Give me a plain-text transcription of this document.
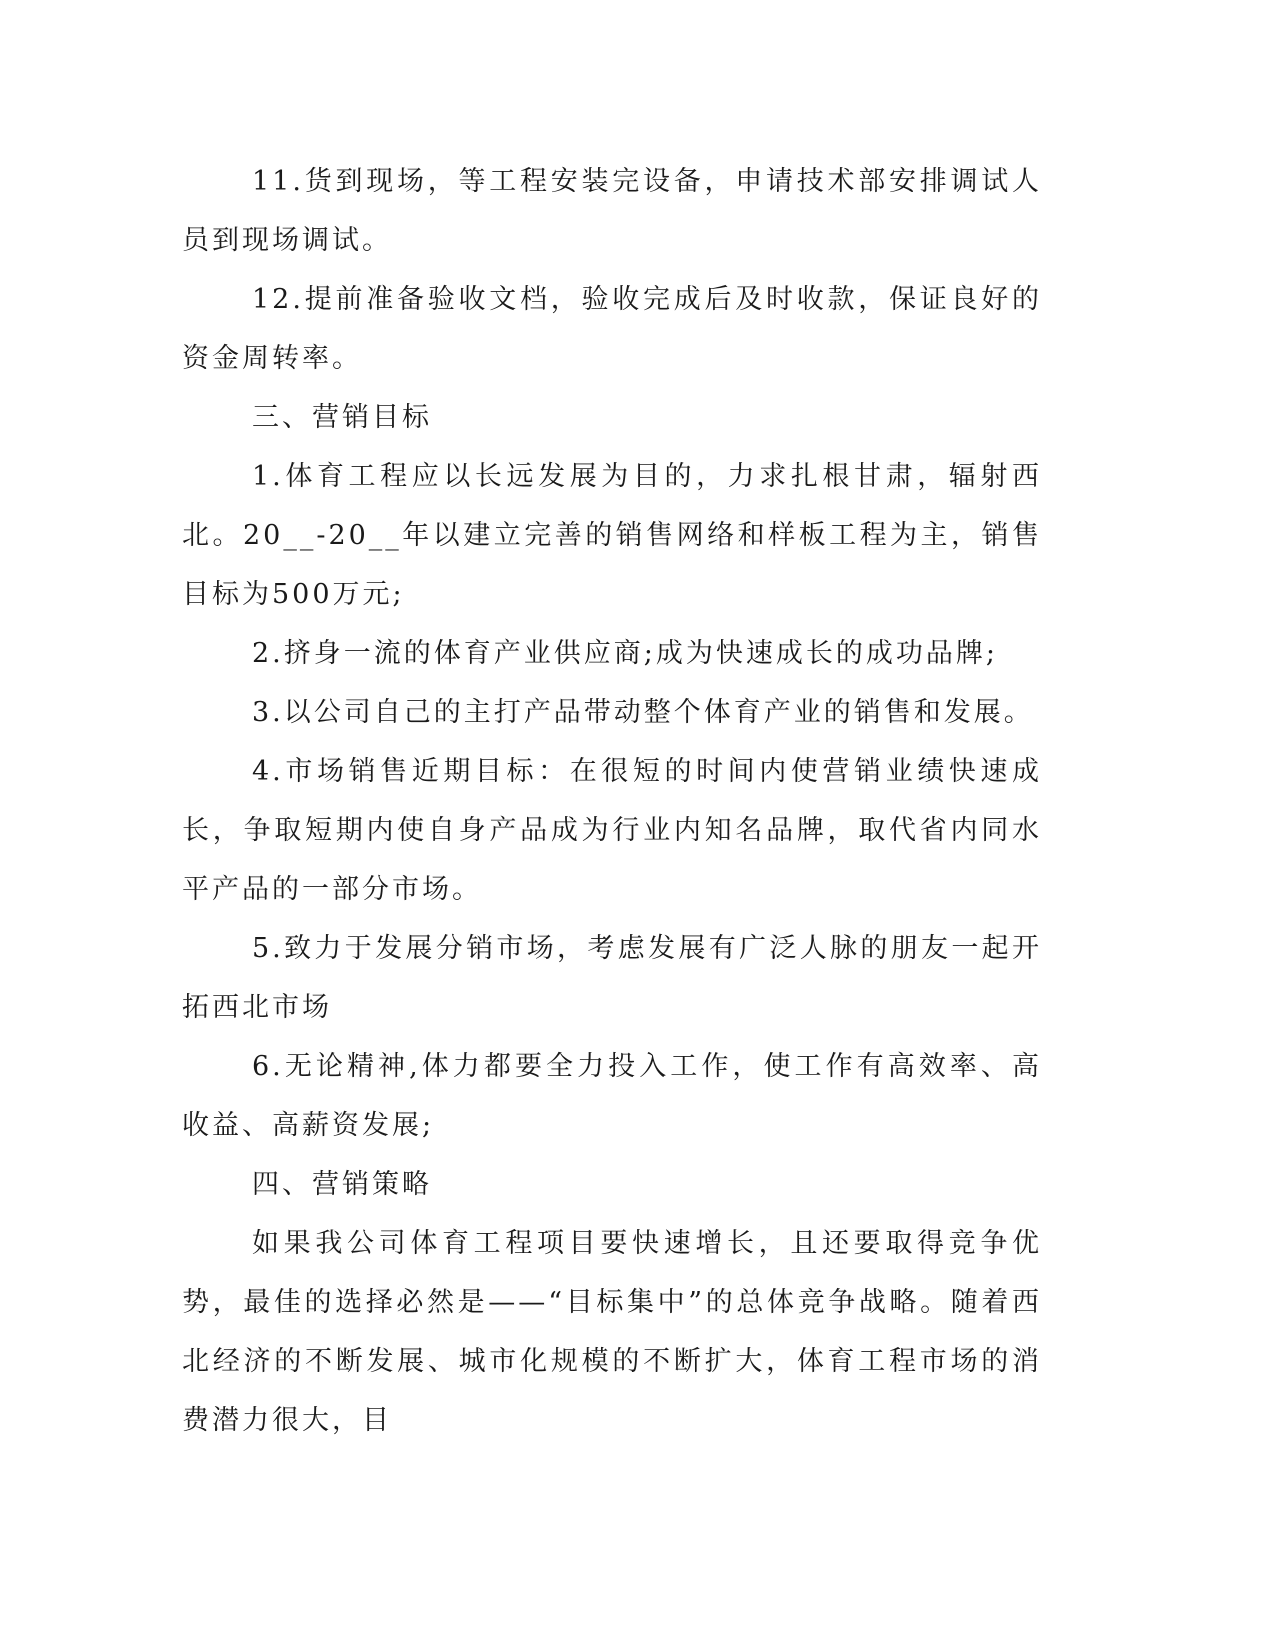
11.货到现场，等工程安装完设备，申请技术部安排调试人员到现场调试。

12.提前准备验收文档，验收完成后及时收款，保证良好的资金周转率。

三、营销目标

1.体育工程应以长远发展为目的，力求扎根甘肃，辐射西北。20__-20__年以建立完善的销售网络和样板工程为主，销售目标为500万元;

2.挤身一流的体育产业供应商;成为快速成长的成功品牌;

3.以公司自己的主打产品带动整个体育产业的销售和发展。

4.市场销售近期目标：在很短的时间内使营销业绩快速成长，争取短期内使自身产品成为行业内知名品牌，取代省内同水平产品的一部分市场。

5.致力于发展分销市场，考虑发展有广泛人脉的朋友一起开拓西北市场

6.无论精神,体力都要全力投入工作，使工作有高效率、高收益、高薪资发展;

四、营销策略

如果我公司体育工程项目要快速增长，且还要取得竞争优势，最佳的选择必然是——“目标集中”的总体竞争战略。随着西北经济的不断发展、城市化规模的不断扩大，体育工程市场的消费潜力很大，目
